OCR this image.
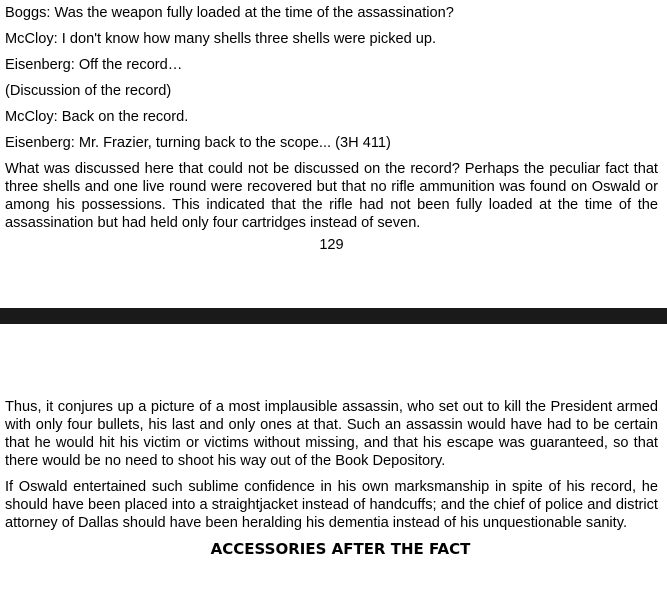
Boggs: Was the weapon fully loaded at the time of the assassination?
McCloy: I don't know how many shells three shells were picked up.
Eisenberg: Off the record…
(Discussion of the record)
McCloy: Back on the record.
Eisenberg: Mr. Frazier, turning back to the scope... (3H 411)

What was discussed here that could not be discussed on the record? Perhaps the peculiar fact that three shells and one live round were recovered but that no rifle ammunition was found on Oswald or among his possessions. This indicated that the rifle had not been fully loaded at the time of the assassination but had held only four cartridges instead of seven.

129

Thus, it conjures up a picture of a most implausible assassin, who set out to kill the President armed with only four bullets, his last and only ones at that. Such an assassin would have had to be certain that he would hit his victim or victims without missing, and that his escape was guaranteed, so that there would be no need to shoot his way out of the Book Depository.

If Oswald entertained such sublime confidence in his own marksmanship in spite of his record, he should have been placed into a straightjacket instead of handcuffs; and the chief of police and district attorney of Dallas should have been heralding his dementia instead of his unquestionable sanity.

ACCESSORIES AFTER THE FACT
